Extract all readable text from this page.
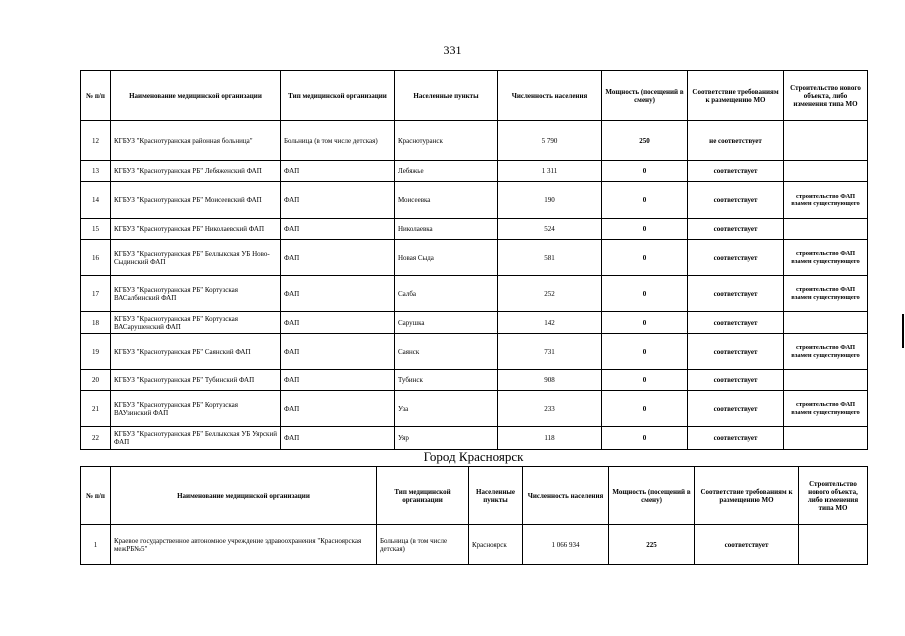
331
№ п/п	Наименование медицинской организации	Тип медицинской организации	Населенные пункты	Численность населения	Мощность (посещений в смену)	Соответствие требованиям к размещению МО	Строительство нового объекта, либо изменения типа МО
12	КГБУЗ "Краснотуранская районная больница"	Больница (в том числе детская)	Краснотуранск	5 790	250	не соответствует	
13	КГБУЗ "Краснотуранская РБ" Лебяженский ФАП	ФАП	Лебяжье	1 311	0	соответствует	
14	КГБУЗ "Краснотуранская РБ" Моисеевский ФАП	ФАП	Моисеевка	190	0	соответствует	строительство ФАП взамен существующего
15	КГБУЗ "Краснотуранская РБ" Николаевский ФАП	ФАП	Николаевка	524	0	соответствует	
16	КГБУЗ "Краснотуранская РБ" Беллыкская УБ Ново-Сыдинский ФАП	ФАП	Новая Сыда	581	0	соответствует	строительство ФАП взамен существующего
17	КГБУЗ "Краснотуранская РБ" Кортузская ВАСалбинский ФАП	ФАП	Салба	252	0	соответствует	строительство ФАП взамен существующего
18	КГБУЗ "Краснотуранская РБ" Кортузская ВАСарушенский ФАП	ФАП	Сарушка	142	0	соответствует	
19	КГБУЗ "Краснотуранская РБ" Саянский ФАП	ФАП	Саянск	731	0	соответствует	строительство ФАП взамен существующего
20	КГБУЗ "Краснотуранская РБ" Тубинский ФАП	ФАП	Тубинск	908	0	соответствует	
21	КГБУЗ "Краснотуранская РБ" Кортузская ВАУзинский ФАП	ФАП	Уза	233	0	соответствует	строительство ФАП взамен существующего
22	КГБУЗ "Краснотуранская РБ" Беллыкская УБ Уярский ФАП	ФАП	Уяр	118	0	соответствует	
Город Красноярск
№ п/п	Наименование медицинской организации	Тип медицинской организации	Населенные пункты	Численность населения	Мощность (посещений в смену)	Соответствие требованиям к размещению МО	Строительство нового объекта, либо изменения типа МО
1	Краевое государственное автономное учреждение здравоохранения "Красноярская межРБ№5"	Больница (в том числе детская)	Красноярск	1 066 934	225	соответствует	
